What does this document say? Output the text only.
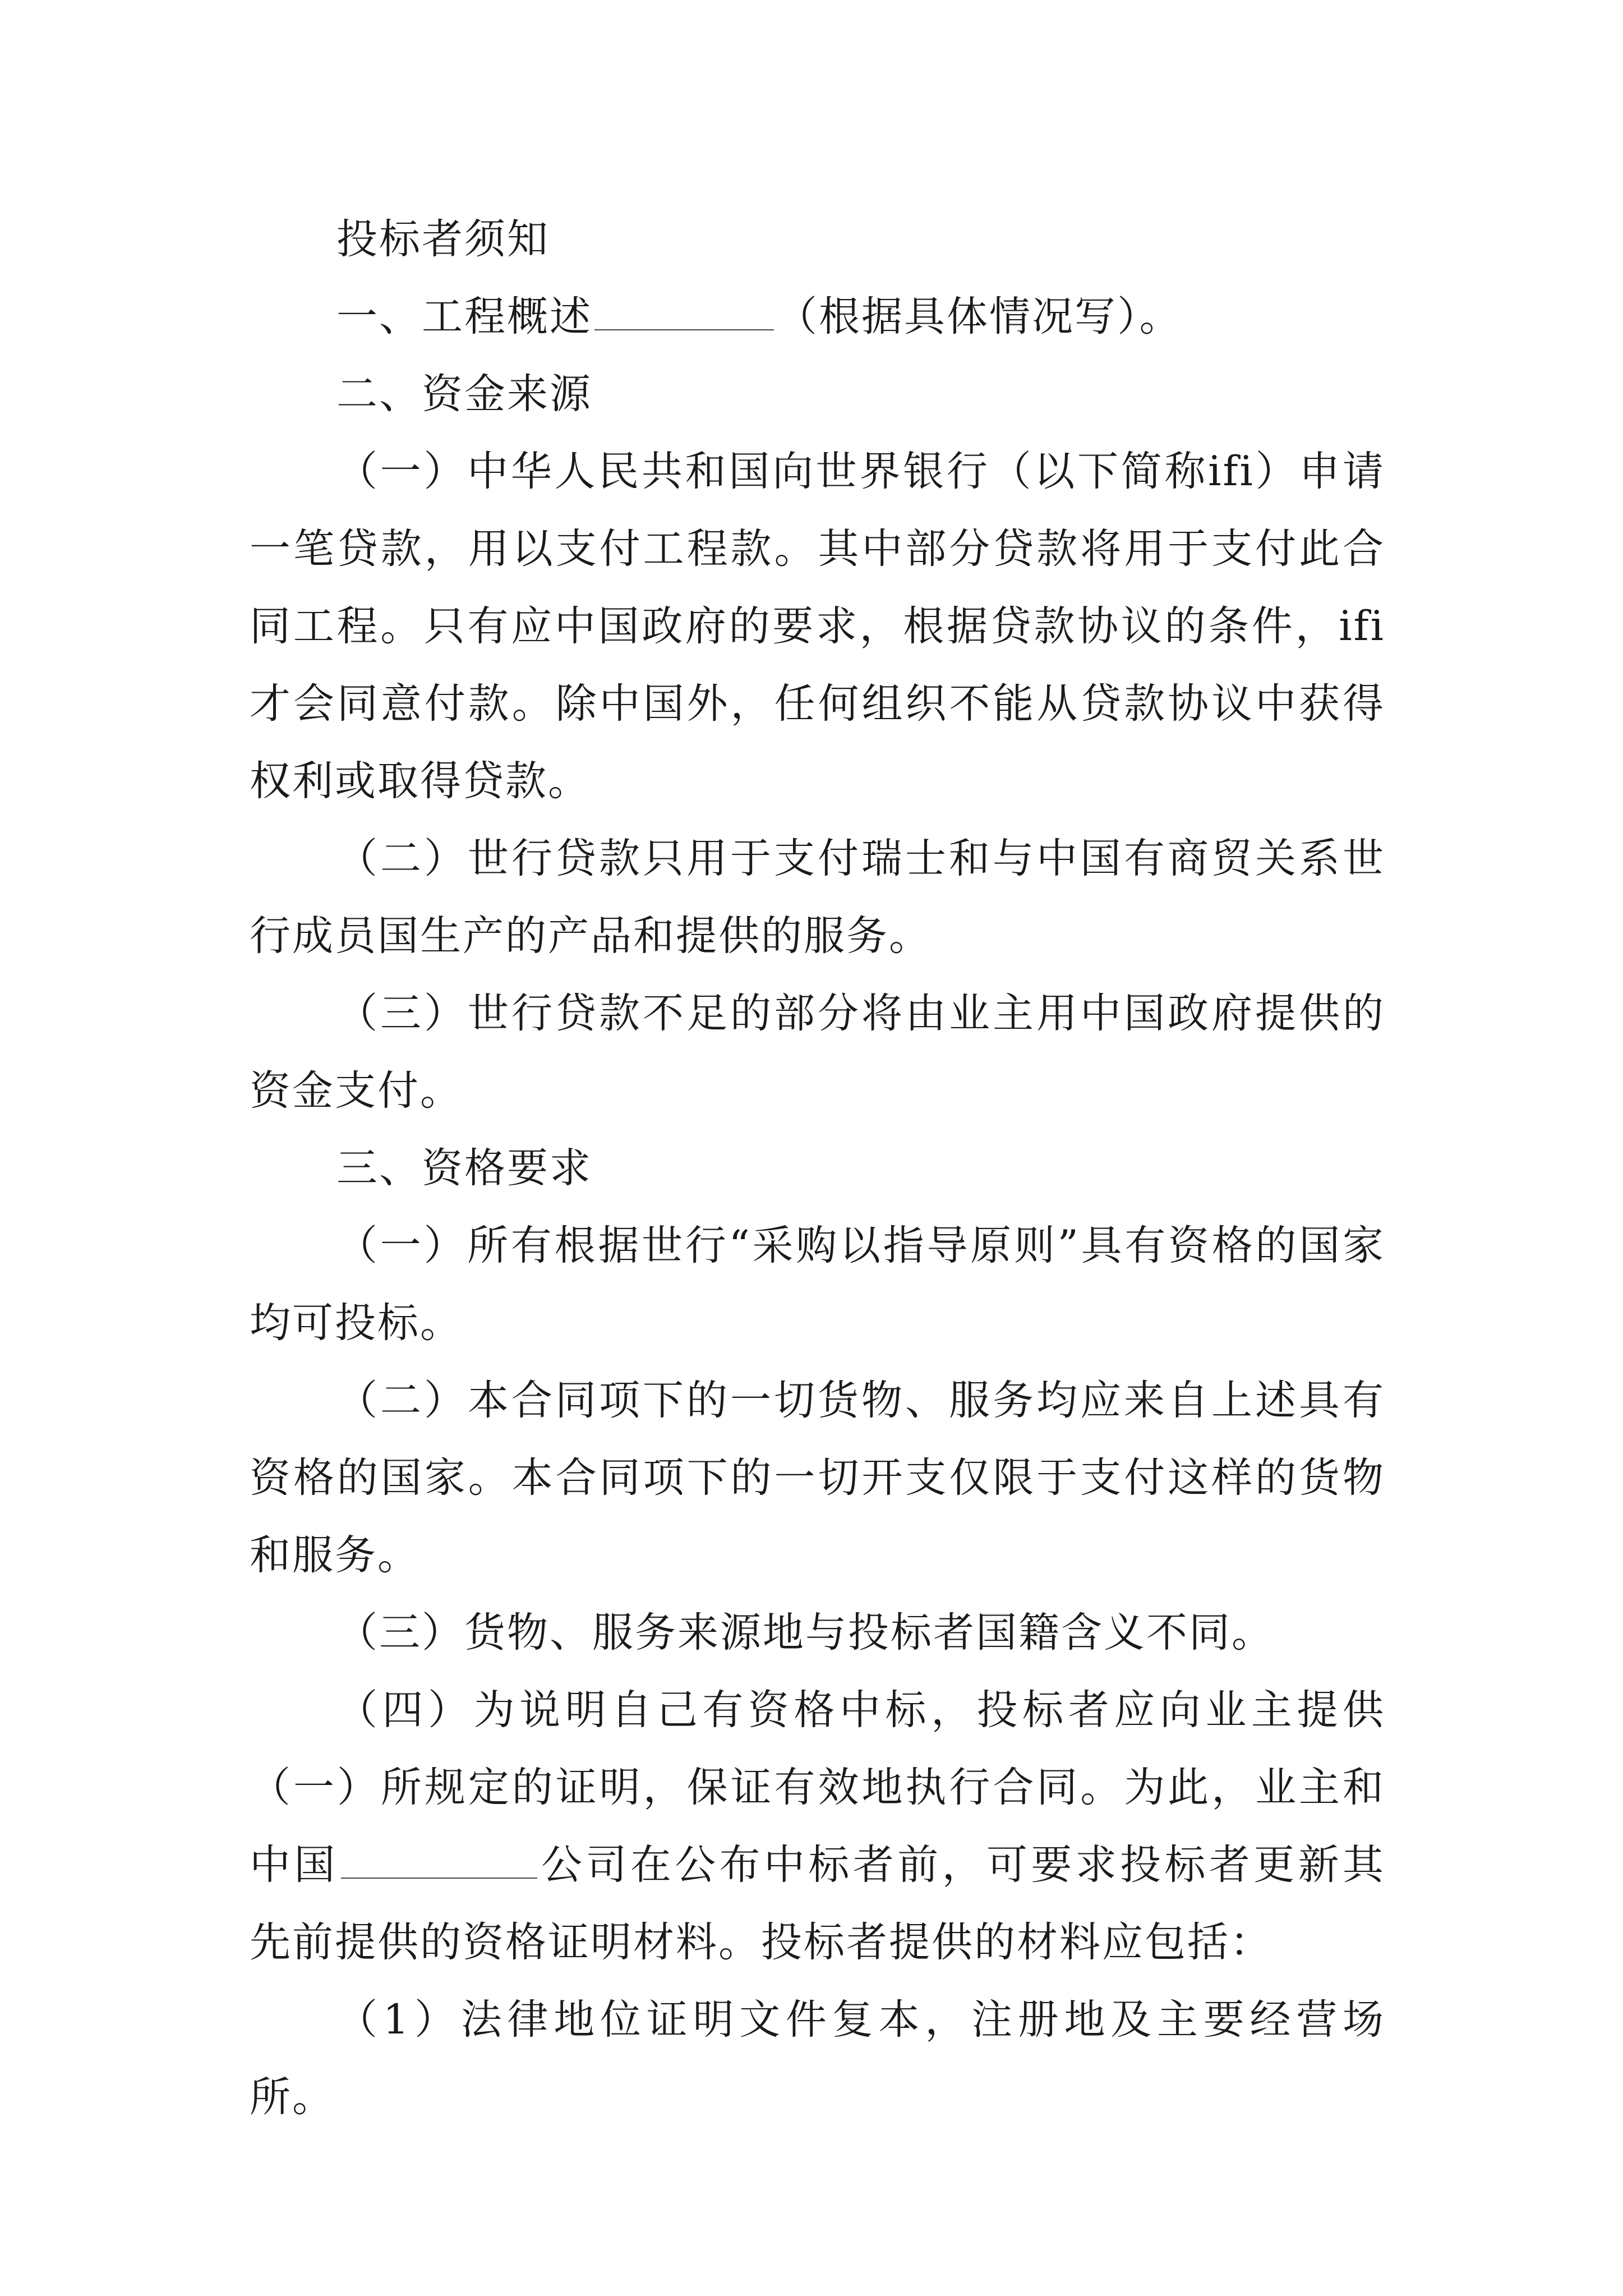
投标者须知

一、工程概述	（根据具体情况写）。

二、资金来源

（一）中华人民共和国向世界银行（以下简称ifi）申请一笔贷款，用以支付工程款。其中部分贷款将用于支付此合同工程。只有应中国政府的要求，根据贷款协议的条件，ifi才会同意付款。除中国外，任何组织不能从贷款协议中获得权利或取得贷款。

（二）世行贷款只用于支付瑞士和与中国有商贸关系世行成员国生产的产品和提供的服务。

（三）世行贷款不足的部分将由业主用中国政府提供的资金支付。

三、资格要求

（一）所有根据世行“采购以指导原则”具有资格的国家均可投标。

（二）本合同项下的一切货物、服务均应来自上述具有资格的国家。本合同项下的一切开支仅限于支付这样的货物和服务。

（三）货物、服务来源地与投标者国籍含义不同。

（四）为说明自己有资格中标，投标者应向业主提供（一）所规定的证明，保证有效地执行合同。为此，业主和中国	公司在公布中标者前，可要求投标者更新其先前提供的资格证明材料。投标者提供的材料应包括：

（1）法律地位证明文件复本，注册地及主要经营场所。
